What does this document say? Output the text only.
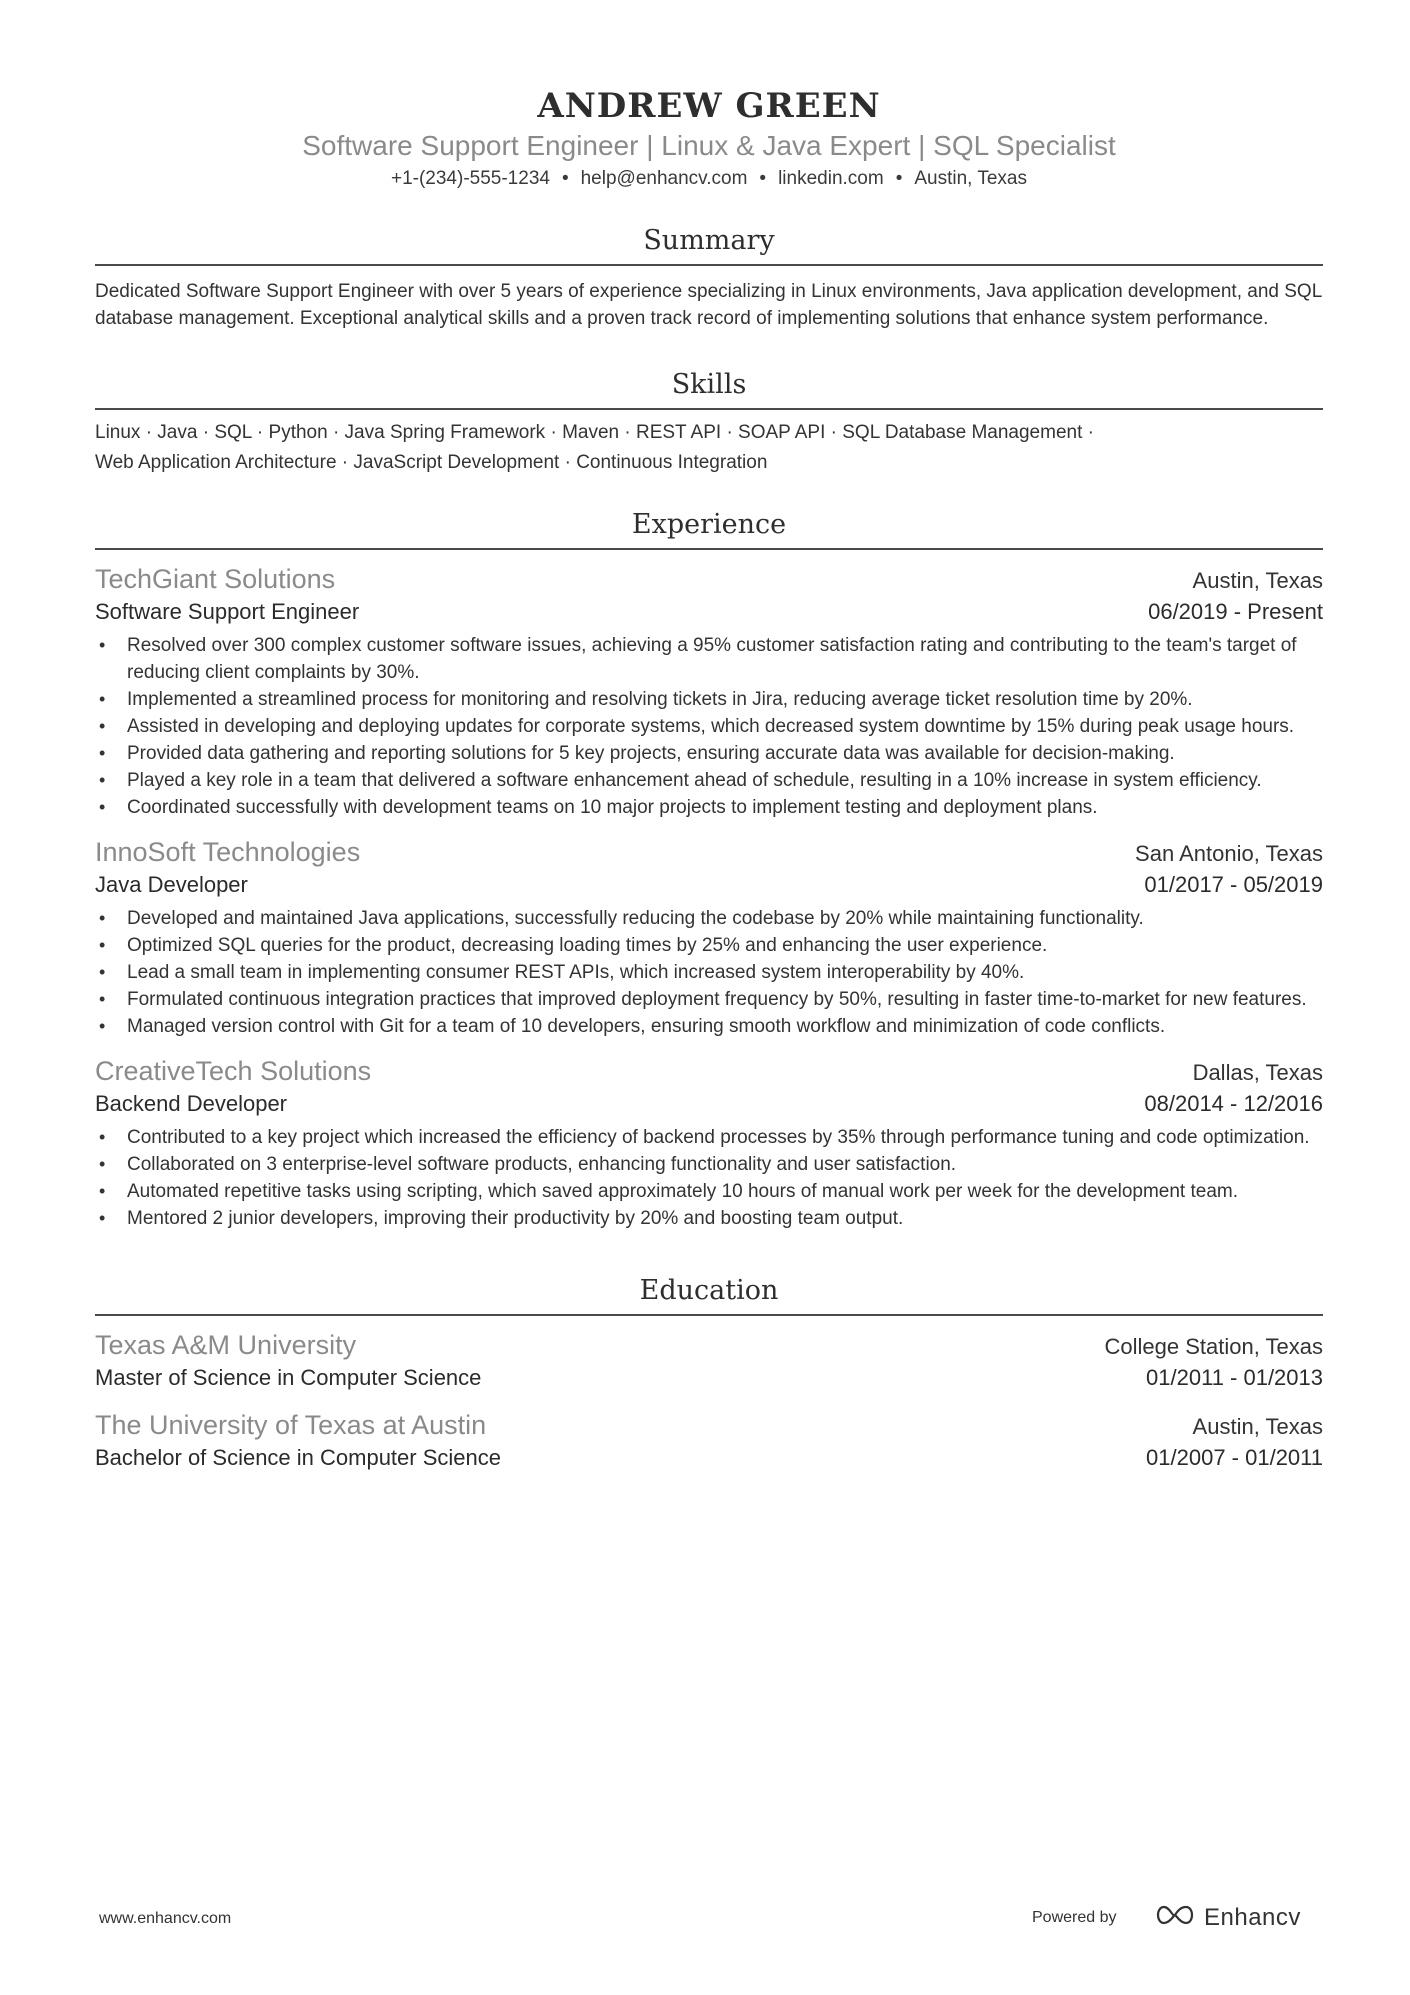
ANDREW GREEN
Software Support Engineer | Linux & Java Expert | SQL Specialist
+1-(234)-555-1234 • help@enhancv.com • linkedin.com • Austin, Texas
Summary
Dedicated Software Support Engineer with over 5 years of experience specializing in Linux environments, Java application development, and SQL database management. Exceptional analytical skills and a proven track record of implementing solutions that enhance system performance.
Skills
Linux · Java · SQL · Python · Java Spring Framework · Maven · REST API · SOAP API · SQL Database Management ·
Web Application Architecture · JavaScript Development · Continuous Integration
Experience
TechGiant Solutions	Austin, Texas
Software Support Engineer	06/2019 - Present
• Resolved over 300 complex customer software issues, achieving a 95% customer satisfaction rating and contributing to the team's target of reducing client complaints by 30%.
• Implemented a streamlined process for monitoring and resolving tickets in Jira, reducing average ticket resolution time by 20%.
• Assisted in developing and deploying updates for corporate systems, which decreased system downtime by 15% during peak usage hours.
• Provided data gathering and reporting solutions for 5 key projects, ensuring accurate data was available for decision-making.
• Played a key role in a team that delivered a software enhancement ahead of schedule, resulting in a 10% increase in system efficiency.
• Coordinated successfully with development teams on 10 major projects to implement testing and deployment plans.
InnoSoft Technologies	San Antonio, Texas
Java Developer	01/2017 - 05/2019
• Developed and maintained Java applications, successfully reducing the codebase by 20% while maintaining functionality.
• Optimized SQL queries for the product, decreasing loading times by 25% and enhancing the user experience.
• Lead a small team in implementing consumer REST APIs, which increased system interoperability by 40%.
• Formulated continuous integration practices that improved deployment frequency by 50%, resulting in faster time-to-market for new features.
• Managed version control with Git for a team of 10 developers, ensuring smooth workflow and minimization of code conflicts.
CreativeTech Solutions	Dallas, Texas
Backend Developer	08/2014 - 12/2016
• Contributed to a key project which increased the efficiency of backend processes by 35% through performance tuning and code optimization.
• Collaborated on 3 enterprise-level software products, enhancing functionality and user satisfaction.
• Automated repetitive tasks using scripting, which saved approximately 10 hours of manual work per week for the development team.
• Mentored 2 junior developers, improving their productivity by 20% and boosting team output.
Education
Texas A&M University	College Station, Texas
Master of Science in Computer Science	01/2011 - 01/2013
The University of Texas at Austin	Austin, Texas
Bachelor of Science in Computer Science	01/2007 - 01/2011
www.enhancv.com	Powered by	Enhancv
